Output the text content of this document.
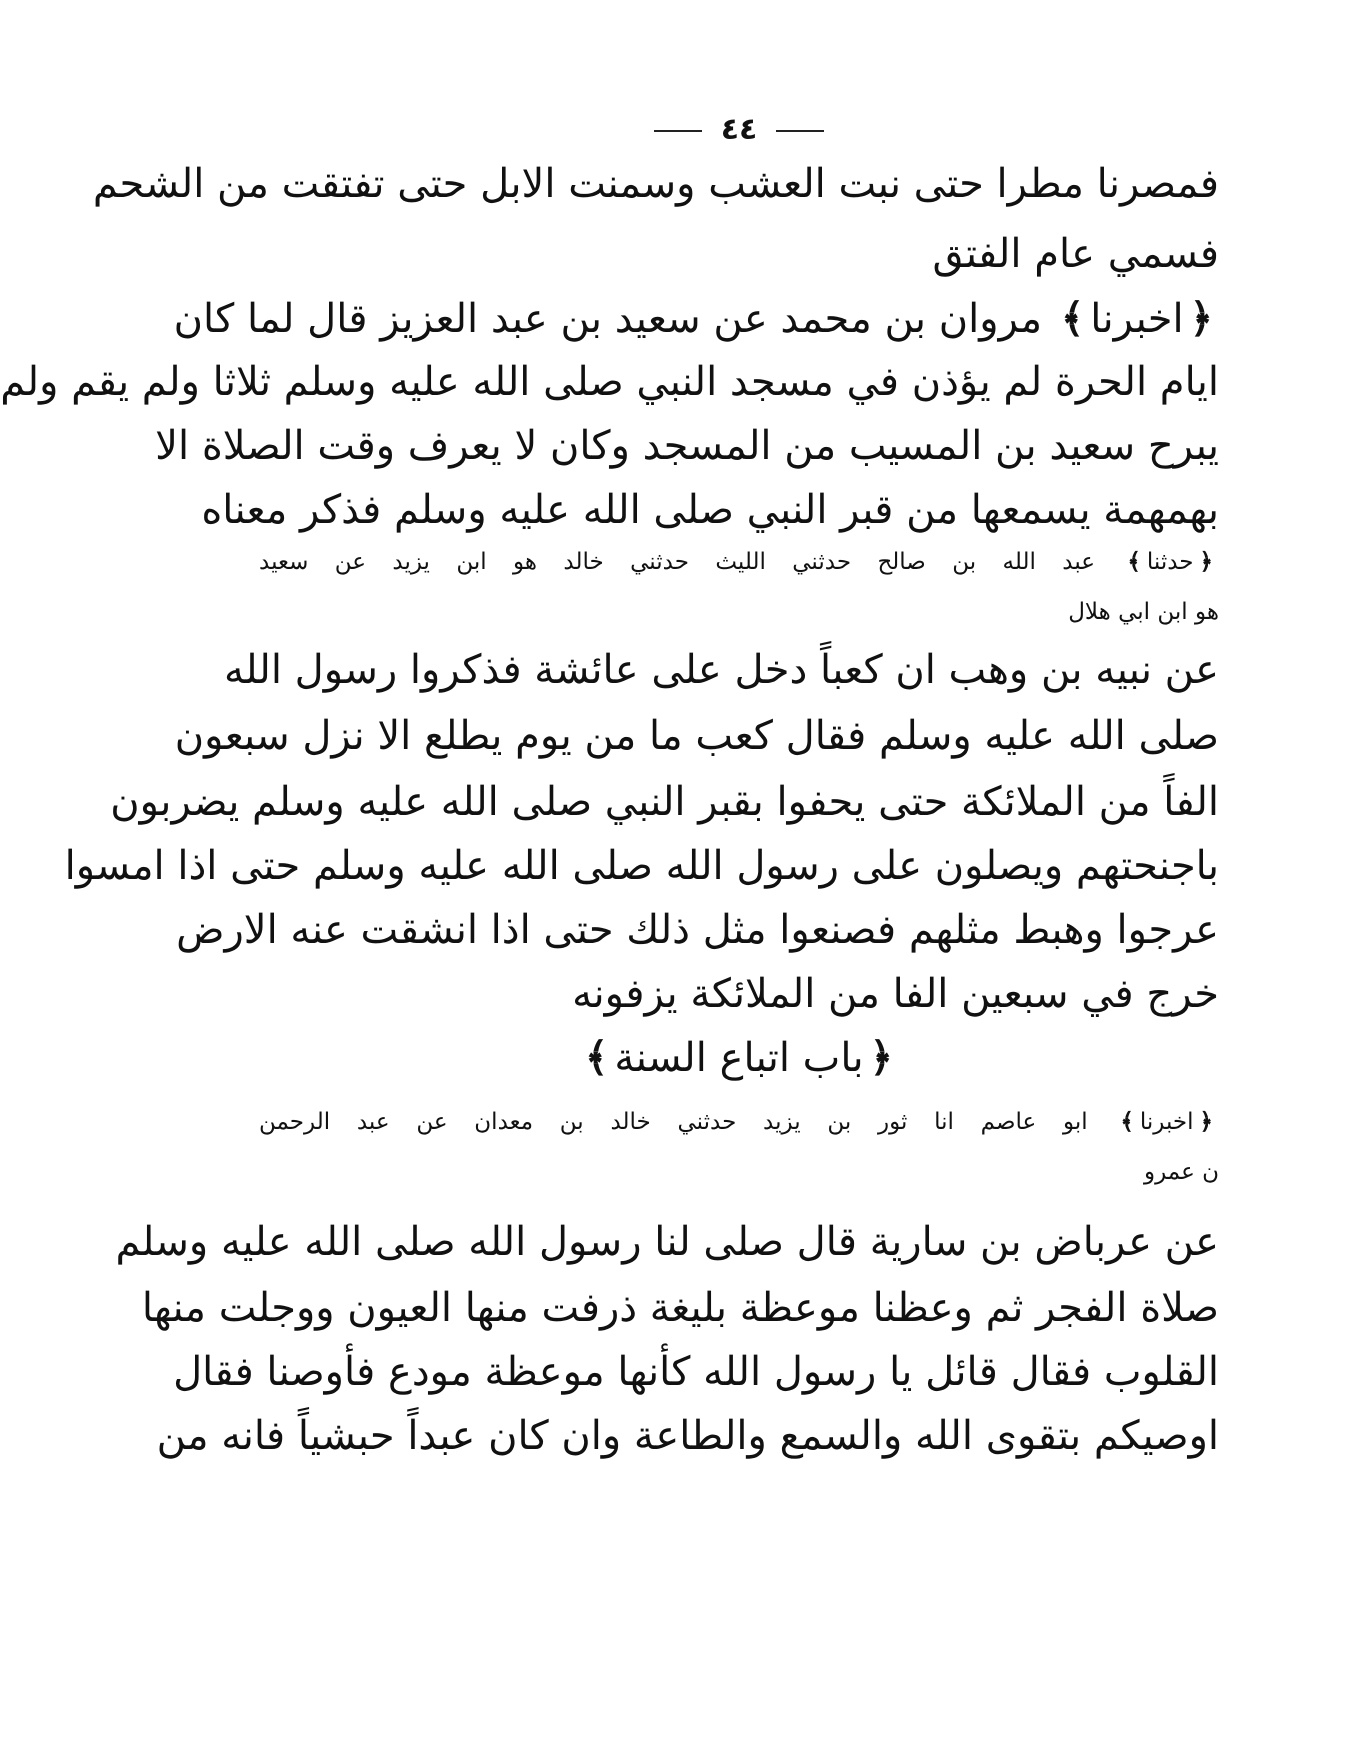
٤٤
فمصرنا مطرا حتى نبت العشب وسمنت الابل حتى تفتقت من الشحم
فسمي عام الفتق
﴿اخبرنا﴾ مروان بن محمد عن سعيد بن عبد العزيز قال لما كان
ايام الحرة لم يؤذن في مسجد النبي صلى الله عليه وسلم ثلاثا ولم يقم ولم
يبرح سعيد بن المسيب من المسجد وكان لا يعرف وقت الصلاة الا
بهمهمة يسمعها من قبر النبي صلى الله عليه وسلم فذكر معناه
﴿حدثنا﴾ عبد الله بن صالح حدثني الليث حدثني خالد هو ابن يزيد عن سعيد
هو ابن ابي هلال
عن نبيه بن وهب ان كعباً دخل على عائشة فذكروا رسول الله
صلى الله عليه وسلم فقال كعب ما من يوم يطلع الا نزل سبعون
الفاً من الملائكة حتى يحفوا بقبر النبي صلى الله عليه وسلم يضربون
باجنحتهم ويصلون على رسول الله صلى الله عليه وسلم حتى اذا امسوا
عرجوا وهبط مثلهم فصنعوا مثل ذلك حتى اذا انشقت عنه الارض
خرج في سبعين الفا من الملائكة يزفونه
﴿باب اتباع السنة﴾
﴿اخبرنا﴾ ابو عاصم انا ثور بن يزيد حدثني خالد بن معدان عن عبد الرحمن
ن عمرو
عن عرباض بن سارية قال صلى لنا رسول الله صلى الله عليه وسلم
صلاة الفجر ثم وعظنا موعظة بليغة ذرفت منها العيون ووجلت منها
القلوب فقال قائل يا رسول الله كأنها موعظة مودع فأوصنا فقال
اوصيكم بتقوى الله والسمع والطاعة وان كان عبداً حبشياً فانه من
